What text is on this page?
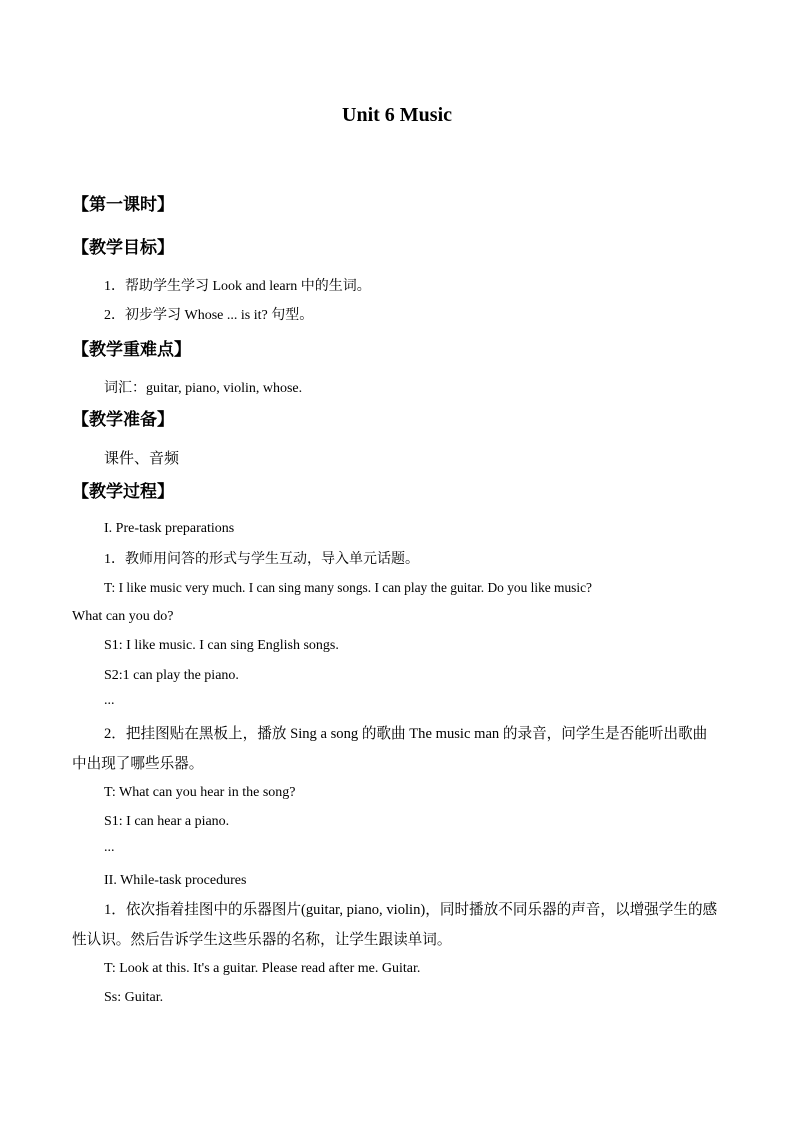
Unit 6 Music
【第一课时】
【教学目标】
1．帮助学生学习 Look and learn 中的生词。
2．初步学习 Whose ... is it? 句型。
【教学重难点】
词汇：guitar, piano, violin, whose.
【教学准备】
课件、音频
【教学过程】
I. Pre-task preparations
1．教师用问答的形式与学生互动，导入单元话题。
T: I like music very much. I can sing many songs. I can play the guitar. Do you like music?
What can you do?
S1: I like music. I can sing English songs.
S2:1 can play the piano.
...
2．把挂图贴在黑板上，播放 Sing a song 的歌曲 The music man 的录音，问学生是否能听出歌曲中出现了哪些乐器。
T: What can you hear in the song?
S1: I can hear a piano.
...
II. While-task procedures
1．依次指着挂图中的乐器图片(guitar, piano, violin)，同时播放不同乐器的声音，以增强学生的感性认识。然后告诉学生这些乐器的名称，让学生跟读单词。
T: Look at this. It's a guitar. Please read after me. Guitar.
Ss: Guitar.
